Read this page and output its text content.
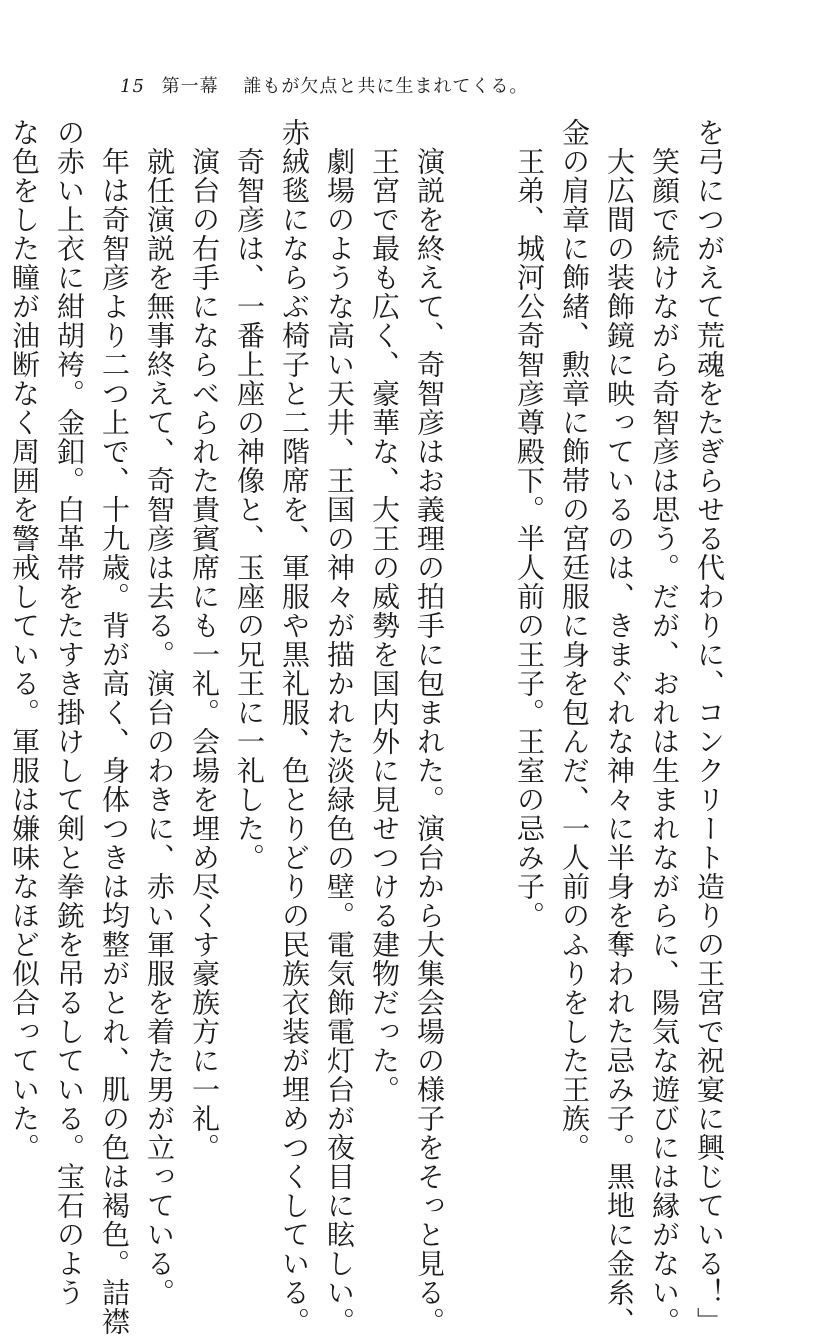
15 第一幕 誰もが欠点と共に生まれてくる。
を弓につがえて荒魂をたぎらせる代わりに、コンクリート造りの王宮で祝宴に興じている！」
　笑顔で続けながら奇智彦は思う。だが、おれは生まれながらに、陽気な遊びには縁がない。
　大広間の装飾鏡に映っているのは、きまぐれな神々に半身を奪われた忌み子。黒地に金糸、
金の肩章に飾緒、勲章に飾帯の宮廷服に身を包んだ、一人前のふりをした王族。
　王弟、城河公奇智彦尊殿下。半人前の王子。王室の忌み子。
　演説を終えて、奇智彦はお義理の拍手に包まれた。演台から大集会場の様子をそっと見る。
　王宮で最も広く、豪華な、大王の威勢を国内外に見せつける建物だった。
　劇場のような高い天井、王国の神々が描かれた淡緑色の壁。電気飾電灯台が夜目に眩しい。
赤絨毯にならぶ椅子と二階席を、軍服や黒礼服、色とりどりの民族衣装が埋めつくしている。
　奇智彦は、一番上座の神像と、玉座の兄王に一礼した。
　演台の右手にならべられた貴賓席にも一礼。会場を埋め尽くす豪族方に一礼。
　就任演説を無事終えて、奇智彦は去る。演台のわきに、赤い軍服を着た男が立っている。
　年は奇智彦より二つ上で、十九歳。背が高く、身体つきは均整がとれ、肌の色は褐色。詰襟
の赤い上衣に紺胡袴。金釦。白革帯をたすき掛けして剣と拳銃を吊るしている。宝石のよう
な色をした瞳が油断なく周囲を警戒している。軍服は嫌味なほど似合っていた。
